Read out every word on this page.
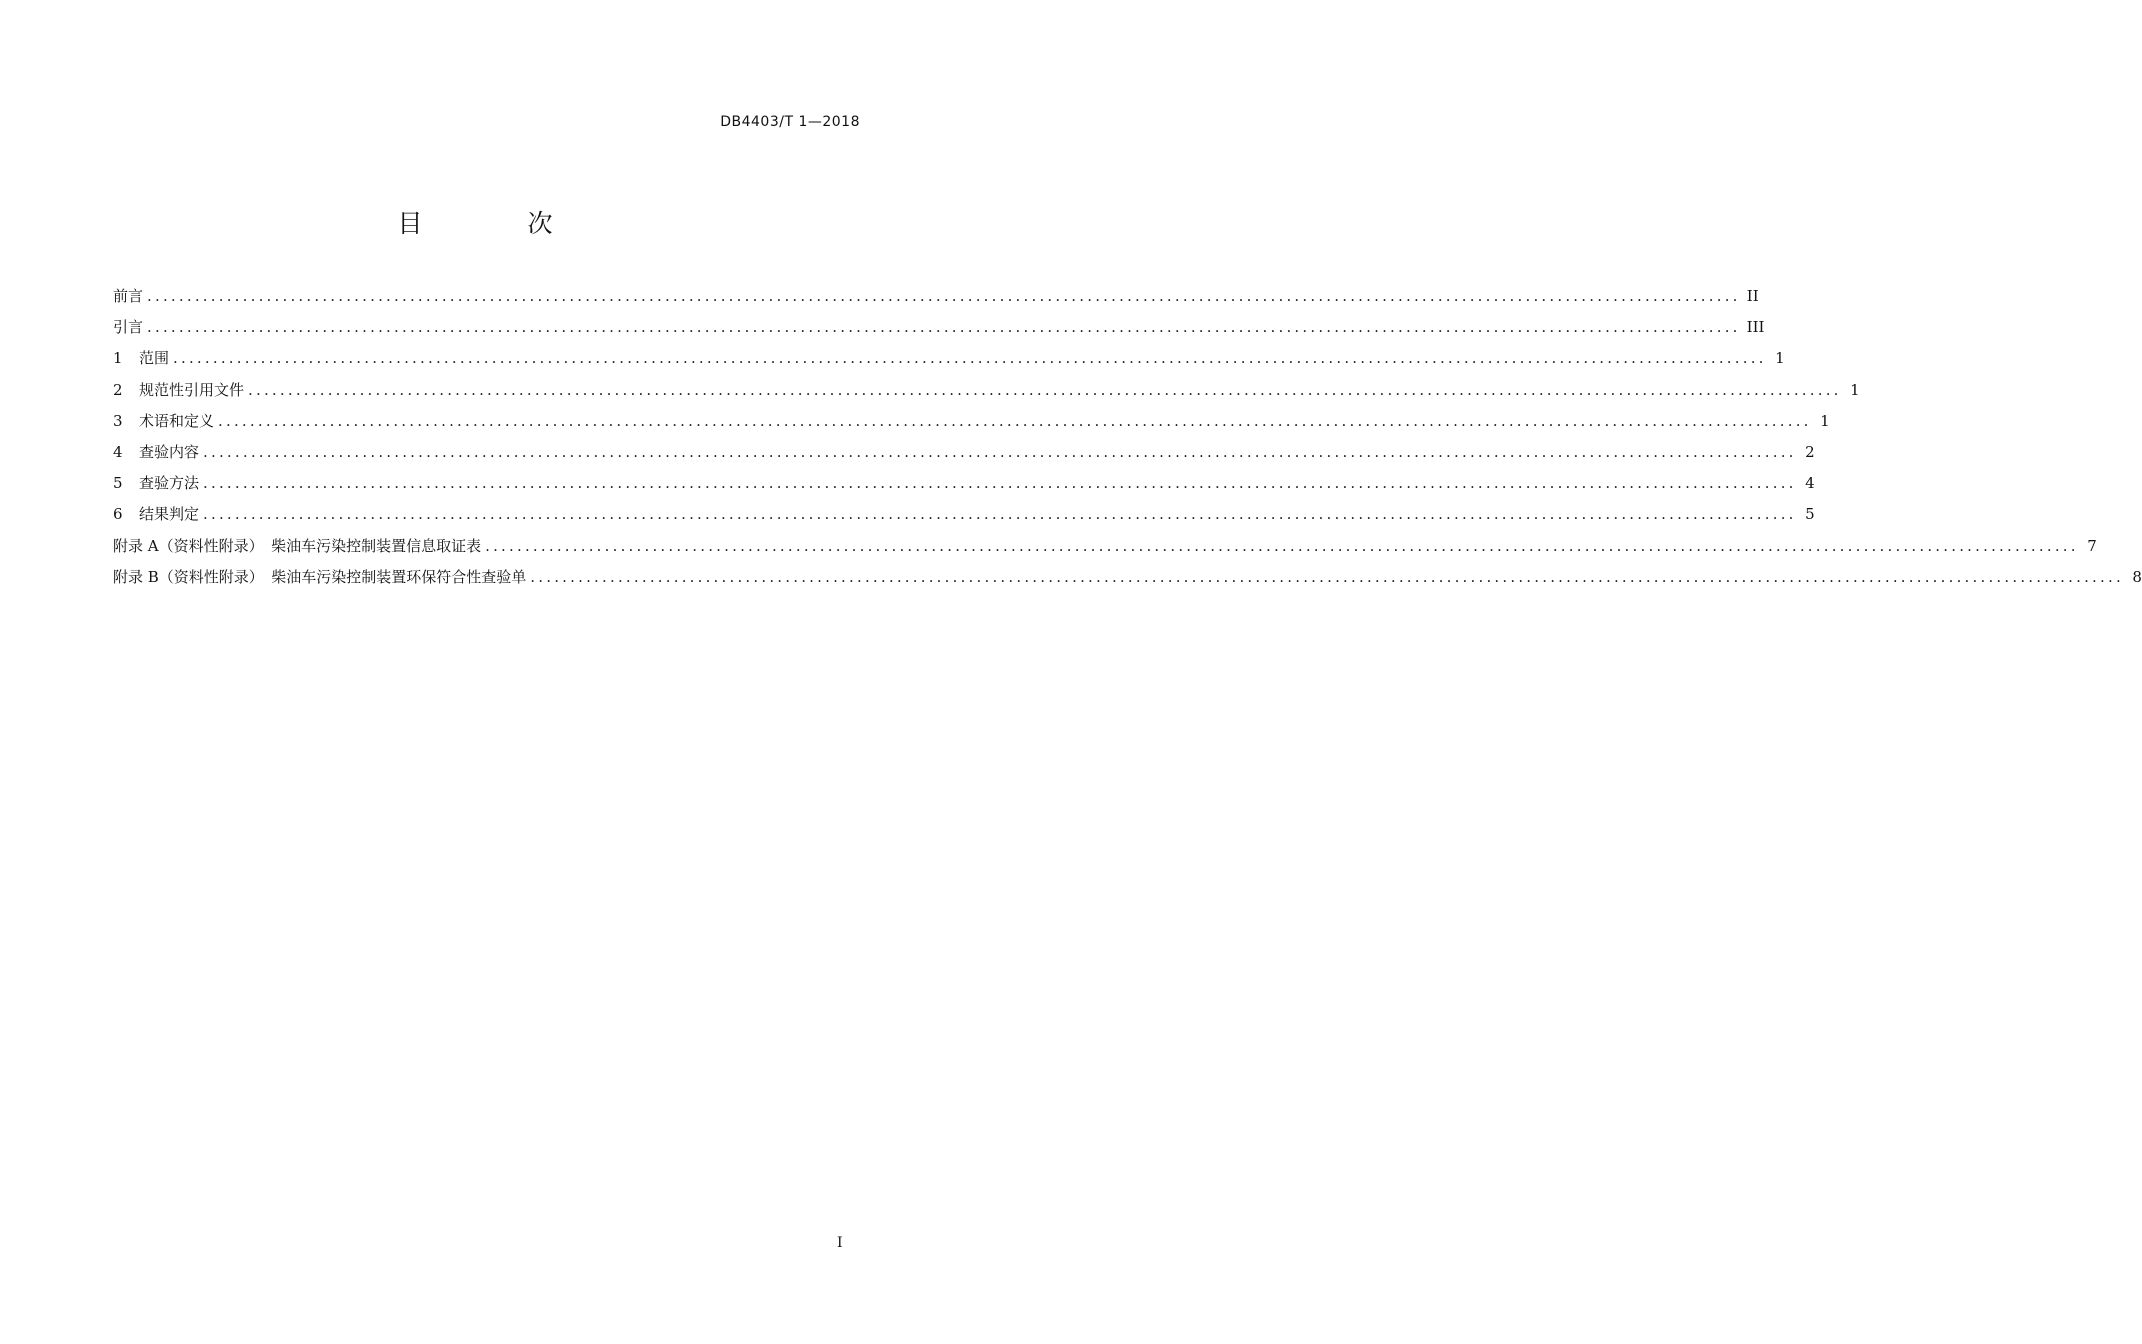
DB4403/T 1—2018
目　次
前言 ........................................................................................................................................................................................................ II
引言 ........................................................................................................................................................................................................ III
1	范围 ........................................................................................................................................................................................................ 1
2	规范性引用文件 ........................................................................................................................................................................................................ 1
3	术语和定义 ........................................................................................................................................................................................................ 1
4	查验内容 ........................................................................................................................................................................................................ 2
5	查验方法 ........................................................................................................................................................................................................ 4
6	结果判定 ........................................................................................................................................................................................................ 5
附录 A（资料性附录）　柴油车污染控制装置信息取证表 ........................................................................................................................................................................................................ 7
附录 B（资料性附录）　柴油车污染控制装置环保符合性查验单 ........................................................................................................................................................................................................ 8
I
